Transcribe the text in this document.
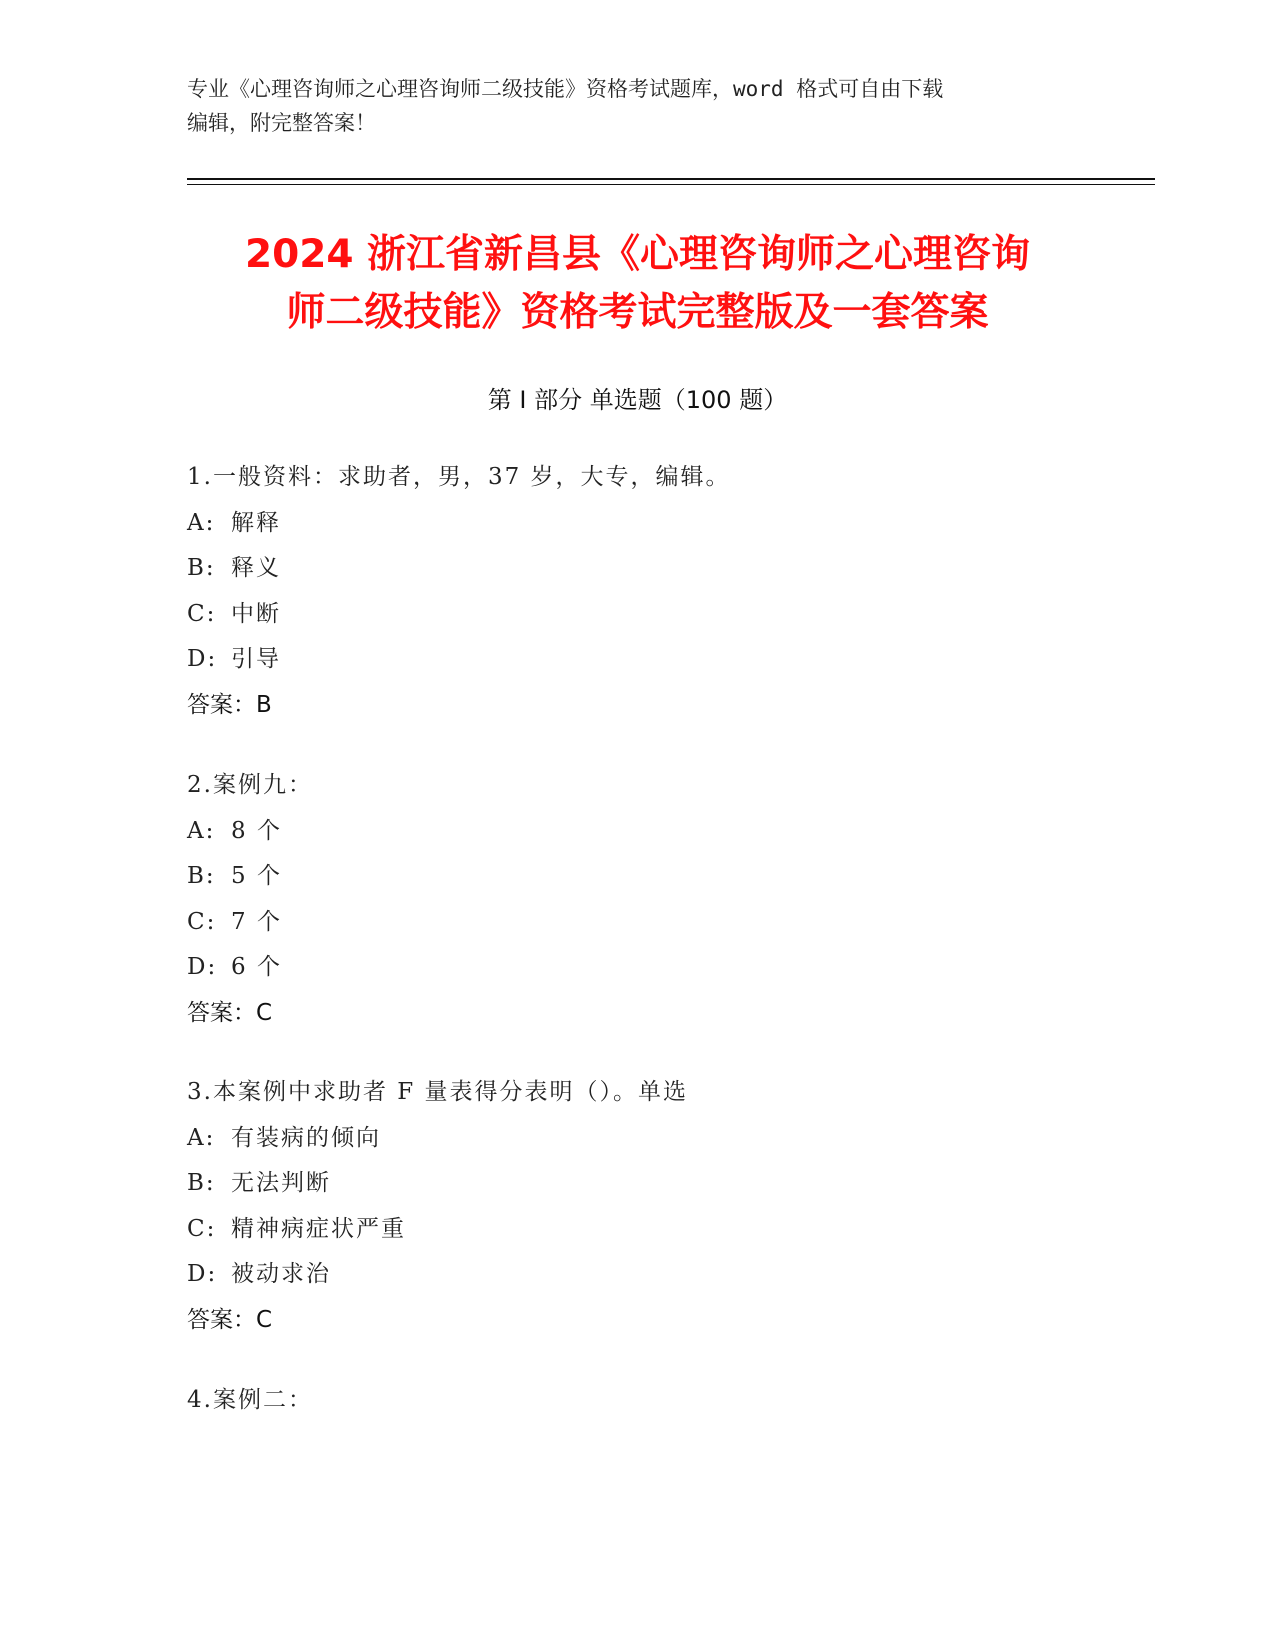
专业《心理咨询师之心理咨询师二级技能》资格考试题库，word 格式可自由下载
编辑，附完整答案！
2024 浙江省新昌县《心理咨询师之心理咨询
师二级技能》资格考试完整版及一套答案
第 I 部分 单选题（100 题）
1.一般资料：求助者，男，37 岁，大专，编辑。
A: 解释
B: 释义
C: 中断
D: 引导
答案：B
2.案例九：
A: 8 个
B: 5 个
C: 7 个
D: 6 个
答案：C
3.本案例中求助者 F 量表得分表明（）。单选
A: 有装病的倾向
B: 无法判断
C: 精神病症状严重
D: 被动求治
答案：C
4.案例二：
